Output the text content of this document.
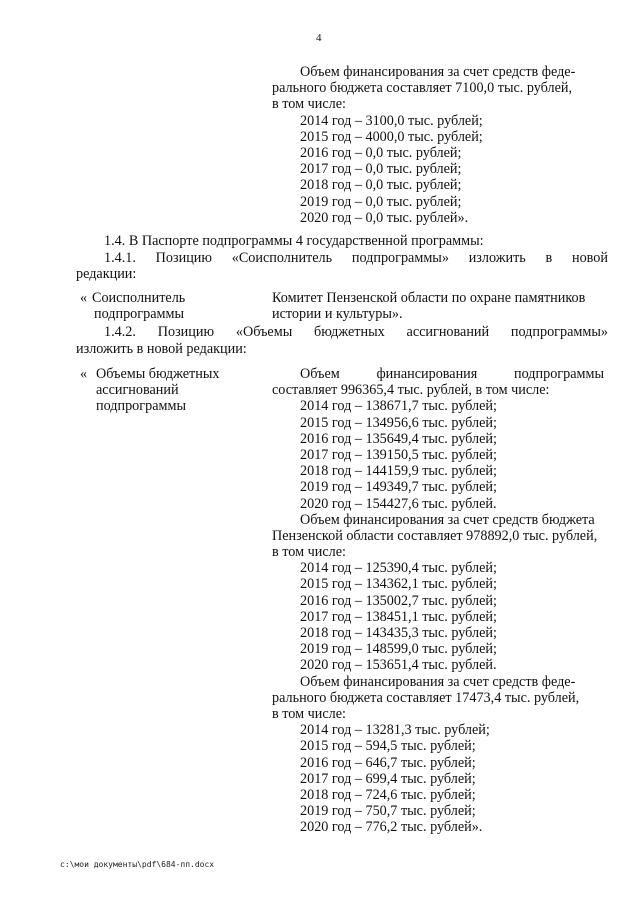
4
Объем финансирования за счет средств феде-
рального бюджета составляет 7100,0 тыс. рублей,
в том числе:
2014 год – 3100,0 тыс. рублей;
2015 год – 4000,0 тыс. рублей;
2016 год – 0,0 тыс. рублей;
2017 год – 0,0 тыс. рублей;
2018 год – 0,0 тыс. рублей;
2019 год – 0,0 тыс. рублей;
2020 год – 0,0 тыс. рублей».
1.4. В Паспорте подпрограммы 4 государственной программы:
1.4.1. Позицию «Соисполнитель подпрограммы» изложить в новой
редакции:
« Соисполнитель
подпрограммы
Комитет Пензенской области по охране памятников
истории и культуры».
1.4.2. Позицию «Объемы бюджетных ассигнований подпрограммы»
изложить в новой редакции:
« Объемы бюджетных
ассигнований
подпрограммы
Объем	финансирования	подпрограммы
составляет 996365,4 тыс. рублей, в том числе:
2014 год – 138671,7 тыс. рублей;
2015 год – 134956,6 тыс. рублей;
2016 год – 135649,4 тыс. рублей;
2017 год – 139150,5 тыс. рублей;
2018 год – 144159,9 тыс. рублей;
2019 год – 149349,7 тыс. рублей;
2020 год – 154427,6 тыс. рублей.
Объем финансирования за счет средств бюджета
Пензенской области составляет 978892,0 тыс. рублей,
в том числе:
2014 год – 125390,4 тыс. рублей;
2015 год – 134362,1 тыс. рублей;
2016 год – 135002,7 тыс. рублей;
2017 год – 138451,1 тыс. рублей;
2018 год – 143435,3 тыс. рублей;
2019 год – 148599,0 тыс. рублей;
2020 год – 153651,4 тыс. рублей.
Объем финансирования за счет средств феде-
рального бюджета составляет 17473,4 тыс. рублей,
в том числе:
2014 год – 13281,3 тыс. рублей;
2015 год – 594,5 тыс. рублей;
2016 год – 646,7 тыс. рублей;
2017 год – 699,4 тыс. рублей;
2018 год – 724,6 тыс. рублей;
2019 год – 750,7 тыс. рублей;
2020 год – 776,2 тыс. рублей».
c:\мои документы\pdf\684-пп.docx
